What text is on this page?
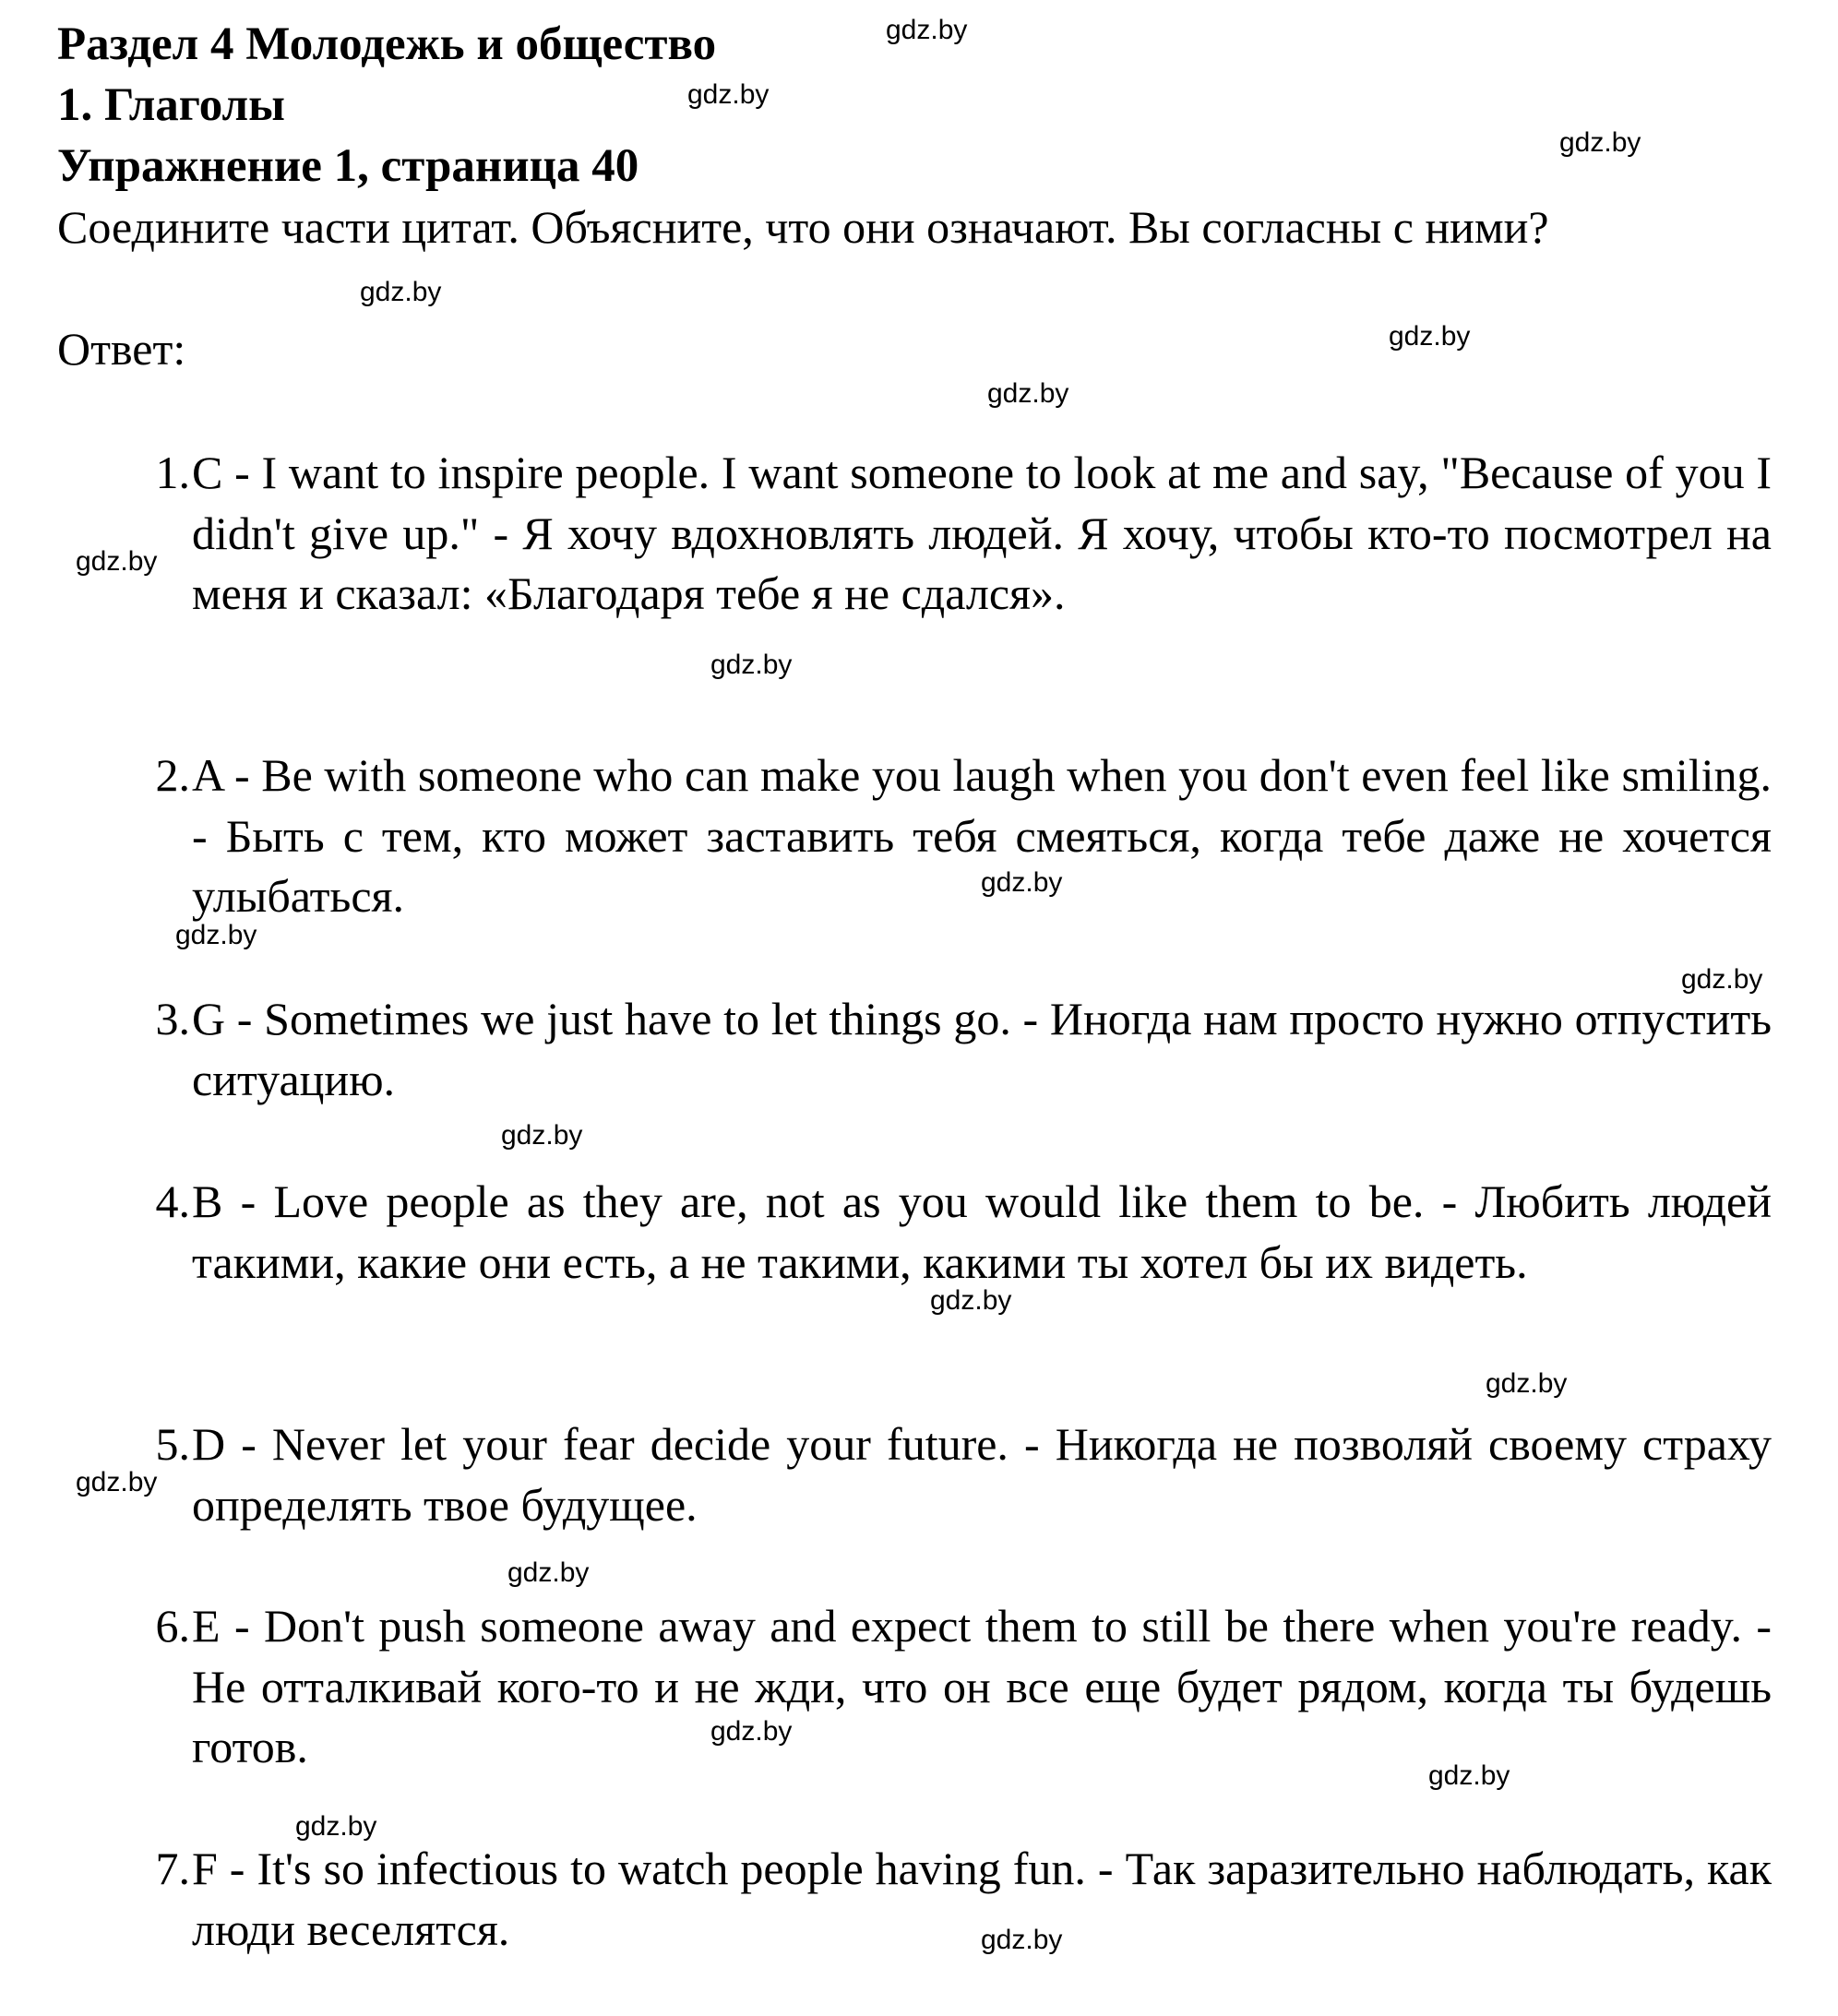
Раздел 4 Молодежь и общество
1. Глаголы
Упражнение 1, страница 40
Соедините части цитат. Объясните, что они означают. Вы согласны с ними?
Ответ:
1. C - I want to inspire people. I want someone to look at me and say, "Because of you I didn't give up." - Я хочу вдохновлять людей. Я хочу, чтобы кто-то посмотрел на меня и сказал: «Благодаря тебе я не сдался».
2. A - Be with someone who can make you laugh when you don't even feel like smiling. - Быть с тем, кто может заставить тебя смеяться, когда тебе даже не хочется улыбаться.
3. G - Sometimes we just have to let things go. - Иногда нам просто нужно отпустить ситуацию.
4. B - Love people as they are, not as you would like them to be. - Любить людей такими, какие они есть, а не такими, какими ты хотел бы их видеть.
5. D - Never let your fear decide your future. - Никогда не позволяй своему страху определять твое будущее.
6. E - Don't push someone away and expect them to still be there when you're ready. - Не отталкивай кого-то и не жди, что он все еще будет рядом, когда ты будешь готов.
7. F - It's so infectious to watch people having fun. - Так заразительно наблюдать, как люди веселятся.
gdz.by
gdz.by
gdz.by
gdz.by
gdz.by
gdz.by
gdz.by
gdz.by
gdz.by
gdz.by
gdz.by
gdz.by
gdz.by
gdz.by
gdz.by
gdz.by
gdz.by
gdz.by
gdz.by
gdz.by
